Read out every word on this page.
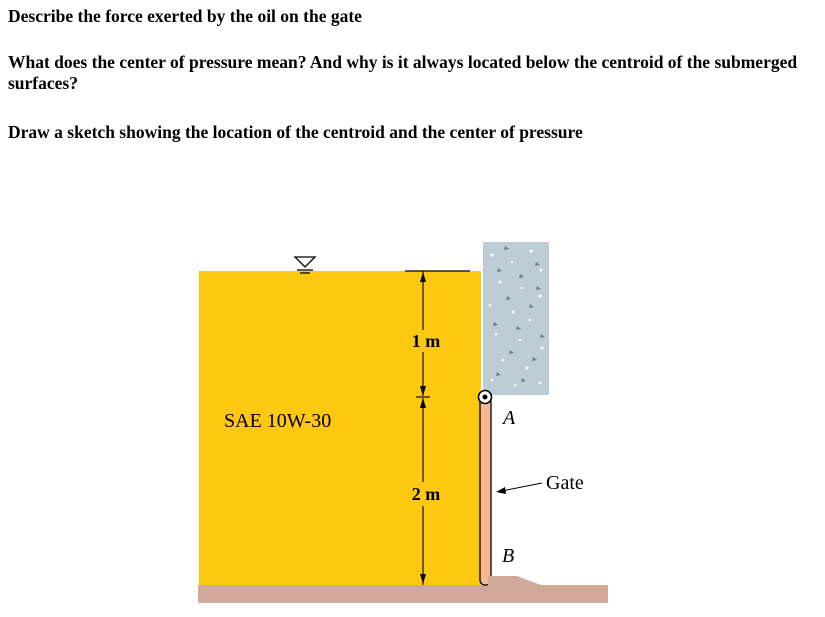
Describe the force exerted by the oil on the gate

What does the center of pressure mean? And why is it always located below the centroid of the submerged surfaces?

Draw a sketch showing the location of the centroid and the center of pressure

1 m
2 m
SAE 10W-30	A
B
Gate
